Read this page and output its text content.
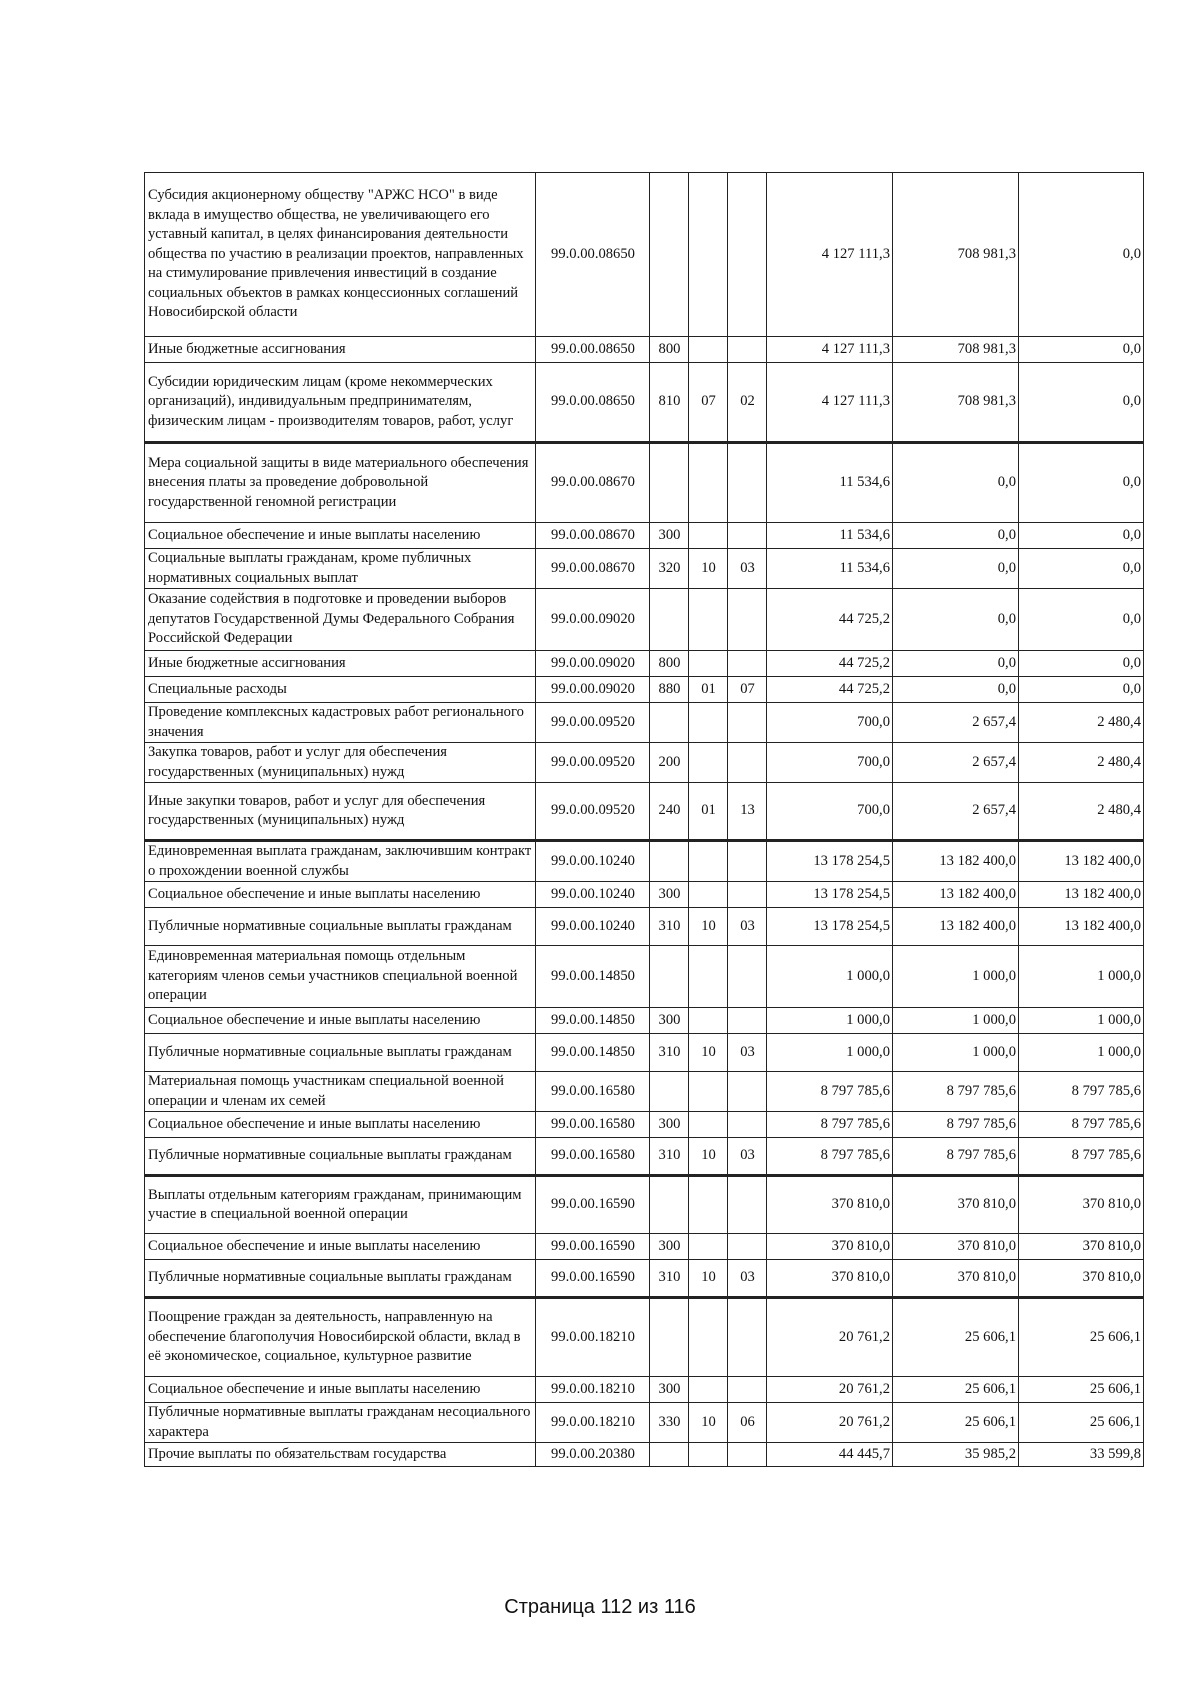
Субсидия акционерному обществу "АРЖС НСО" в виде вклада в имущество общества, не увеличивающего его уставный капитал, в целях финансирования деятельности общества по участию в реализации проектов, направленных на стимулирование привлечения инвестиций в создание социальных объектов в рамках концессионных соглашений Новосибирской области	99.0.00.08650				4 127 111,3	708 981,3	0,0
Иные бюджетные ассигнования	99.0.00.08650	800			4 127 111,3	708 981,3	0,0
Субсидии юридическим лицам (кроме некоммерческих организаций), индивидуальным предпринимателям, физическим лицам - производителям товаров, работ, услуг	99.0.00.08650	810	07	02	4 127 111,3	708 981,3	0,0
Мера социальной защиты в виде материального обеспечения внесения платы за проведение добровольной государственной геномной регистрации	99.0.00.08670				11 534,6	0,0	0,0
Социальное обеспечение и иные выплаты населению	99.0.00.08670	300			11 534,6	0,0	0,0
Социальные выплаты гражданам, кроме публичных нормативных социальных выплат	99.0.00.08670	320	10	03	11 534,6	0,0	0,0
Оказание содействия в подготовке и проведении выборов депутатов Государственной Думы Федерального Собрания Российской Федерации	99.0.00.09020				44 725,2	0,0	0,0
Иные бюджетные ассигнования	99.0.00.09020	800			44 725,2	0,0	0,0
Специальные расходы	99.0.00.09020	880	01	07	44 725,2	0,0	0,0
Проведение комплексных кадастровых работ регионального значения	99.0.00.09520				700,0	2 657,4	2 480,4
Закупка товаров, работ и услуг для обеспечения государственных (муниципальных) нужд	99.0.00.09520	200			700,0	2 657,4	2 480,4
Иные закупки товаров, работ и услуг для обеспечения государственных (муниципальных) нужд	99.0.00.09520	240	01	13	700,0	2 657,4	2 480,4
Единовременная выплата гражданам, заключившим контракт о прохождении военной службы	99.0.00.10240				13 178 254,5	13 182 400,0	13 182 400,0
Социальное обеспечение и иные выплаты населению	99.0.00.10240	300			13 178 254,5	13 182 400,0	13 182 400,0
Публичные нормативные социальные выплаты гражданам	99.0.00.10240	310	10	03	13 178 254,5	13 182 400,0	13 182 400,0
Единовременная материальная помощь отдельным категориям членов семьи участников специальной военной операции	99.0.00.14850				1 000,0	1 000,0	1 000,0
Социальное обеспечение и иные выплаты населению	99.0.00.14850	300			1 000,0	1 000,0	1 000,0
Публичные нормативные социальные выплаты гражданам	99.0.00.14850	310	10	03	1 000,0	1 000,0	1 000,0
Материальная помощь участникам специальной военной операции и членам их семей	99.0.00.16580				8 797 785,6	8 797 785,6	8 797 785,6
Социальное обеспечение и иные выплаты населению	99.0.00.16580	300			8 797 785,6	8 797 785,6	8 797 785,6
Публичные нормативные социальные выплаты гражданам	99.0.00.16580	310	10	03	8 797 785,6	8 797 785,6	8 797 785,6
Выплаты отдельным категориям гражданам, принимающим участие в специальной военной операции	99.0.00.16590				370 810,0	370 810,0	370 810,0
Социальное обеспечение и иные выплаты населению	99.0.00.16590	300			370 810,0	370 810,0	370 810,0
Публичные нормативные социальные выплаты гражданам	99.0.00.16590	310	10	03	370 810,0	370 810,0	370 810,0
Поощрение граждан за деятельность, направленную на обеспечение благополучия Новосибирской области, вклад в её экономическое, социальное, культурное развитие	99.0.00.18210				20 761,2	25 606,1	25 606,1
Социальное обеспечение и иные выплаты населению	99.0.00.18210	300			20 761,2	25 606,1	25 606,1
Публичные нормативные выплаты гражданам несоциального характера	99.0.00.18210	330	10	06	20 761,2	25 606,1	25 606,1
Прочие выплаты по обязательствам государства	99.0.00.20380				44 445,7	35 985,2	33 599,8
Страница 112 из 116
